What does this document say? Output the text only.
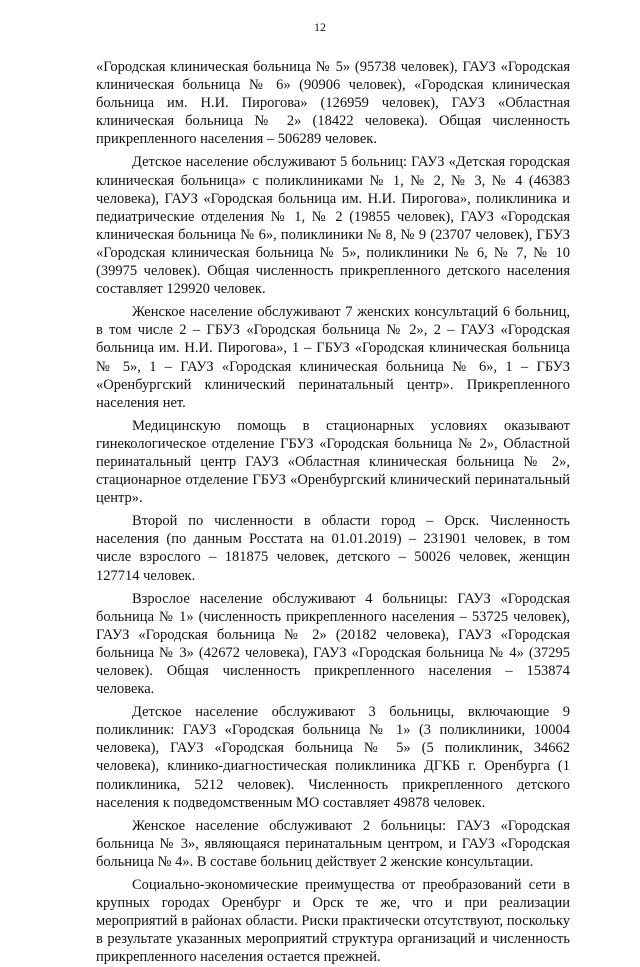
12

«Городская клиническая больница № 5» (95738 человек), ГАУЗ «Городская клиническая больница № 6» (90906 человек), «Городская клиническая больница им. Н.И. Пирогова» (126959 человек), ГАУЗ «Областная клиническая больница № 2» (18422 человека). Общая численность прикрепленного населения – 506289 человек.

Детское население обслуживают 5 больниц: ГАУЗ «Детская городская клиническая больница» с поликлиниками № 1, № 2, № 3, № 4 (46383 человека), ГАУЗ «Городская больница им. Н.И. Пирогова», поликлиника и педиатрические отделения № 1, № 2 (19855 человек), ГАУЗ «Городская клиническая больница № 6», поликлиники № 8, № 9 (23707 человек), ГБУЗ «Городская клиническая больница № 5», поликлиники № 6, № 7, № 10 (39975 человек). Общая численность прикрепленного детского населения составляет 129920 человек.

Женское население обслуживают 7 женских консультаций 6 больниц, в том числе 2 – ГБУЗ «Городская больница № 2», 2 – ГАУЗ «Городская больница им. Н.И. Пирогова», 1 – ГБУЗ «Городская клиническая больница № 5», 1 – ГАУЗ «Городская клиническая больница № 6», 1 – ГБУЗ «Оренбургский клинический перинатальный центр». Прикрепленного населения нет.

Медицинскую помощь в стационарных условиях оказывают гинекологическое отделение ГБУЗ «Городская больница № 2», Областной перинатальный центр ГАУЗ «Областная клиническая больница № 2», стационарное отделение ГБУЗ «Оренбургский клинический перинатальный центр».

Второй по численности в области город – Орск. Численность населения (по данным Росстата на 01.01.2019) – 231901 человек, в том числе взрослого – 181875 человек, детского – 50026 человек, женщин 127714 человек.

Взрослое население обслуживают 4 больницы: ГАУЗ «Городская больница № 1» (численность прикрепленного населения – 53725 человек), ГАУЗ «Городская больница № 2» (20182 человека), ГАУЗ «Городская больница № 3» (42672 человека), ГАУЗ «Городская больница № 4» (37295 человек). Общая численность прикрепленного населения – 153874 человека.

Детское население обслуживают 3 больницы, включающие 9 поликлиник: ГАУЗ «Городская больница № 1» (3 поликлиники, 10004 человека), ГАУЗ «Городская больница № 5» (5 поликлиник, 34662 человека), клинико-диагностическая поликлиника ДГКБ г. Оренбурга (1 поликлиника, 5212 человек). Численность прикрепленного детского населения к подведомственным МО составляет 49878 человек.

Женское население обслуживают 2 больницы: ГАУЗ «Городская больница № 3», являющаяся перинатальным центром, и ГАУЗ «Городская больница № 4». В составе больниц действует 2 женские консультации.

Социально-экономические преимущества от преобразований сети в крупных городах Оренбург и Орск те же, что и при реализации мероприятий в районах области. Риски практически отсутствуют, поскольку в результате указанных мероприятий структура организаций и численность прикрепленного населения остается прежней.
